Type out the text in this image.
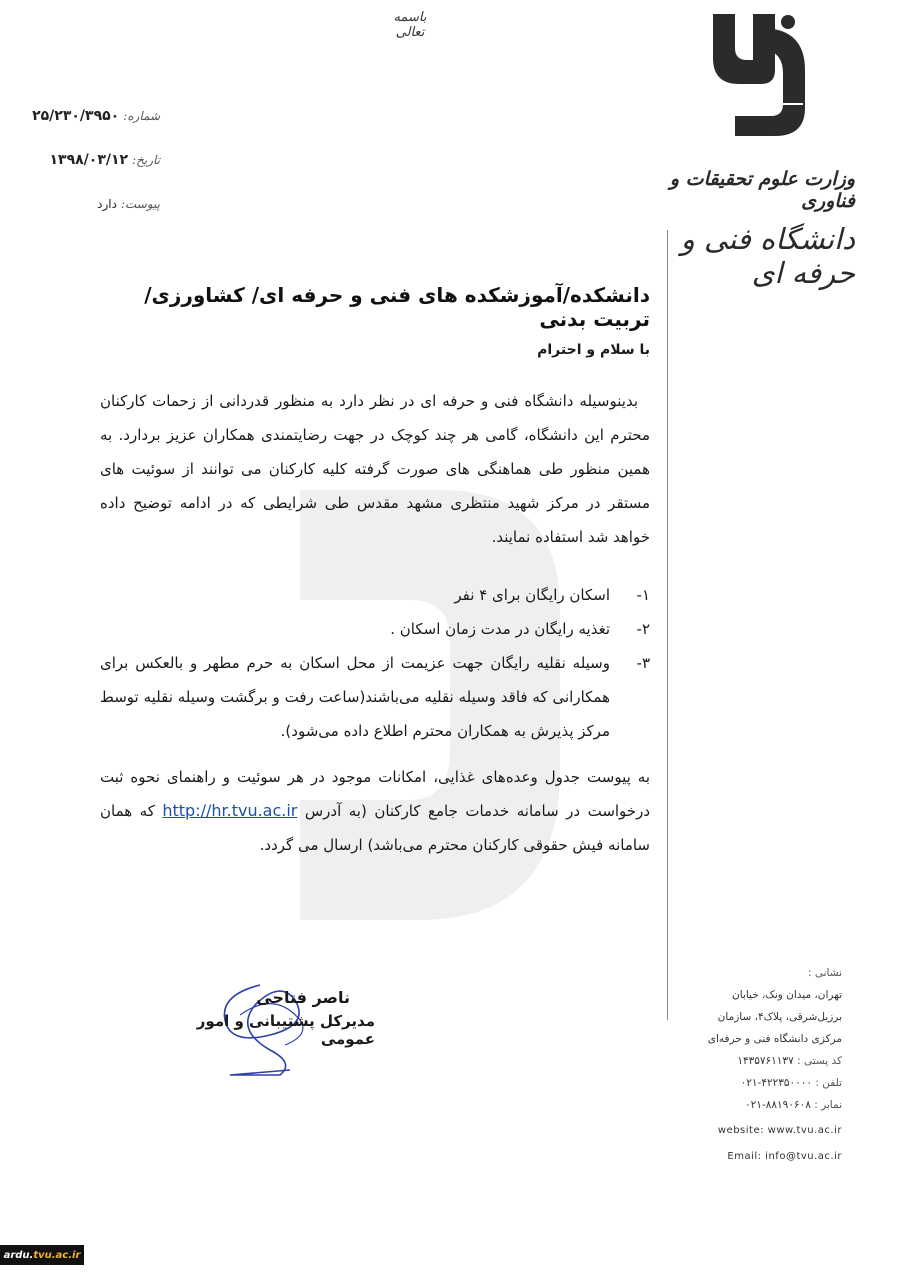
باسمه تعالی
شماره:۲۵/۲۳۰/۳۹۵۰
تاریخ:۱۳۹۸/۰۳/۱۲
پیوست:دارد
وزارت علوم تحقیقات و فناوری
دانشگاه فنی و حرفه ای
دانشکده/آموزشکده های فنی و حرفه ای/ کشاورزی/تربیت بدنی
با سلام و احترام
بدینوسیله دانشگاه فنی و حرفه ای در نظر دارد به منظور قدردانی از زحمات کارکنان محترم این دانشگاه، گامی هر چند کوچک در جهت رضایتمندی همکاران عزیز بردارد. به همین منظور طی هماهنگی های صورت گرفته کلیه کارکنان می توانند از سوئیت های مستقر در مرکز شهید منتظری مشهد مقدس طی شرایطی که در ادامه توضیح داده خواهد شد استفاده نمایند.
۱-
اسکان رایگان برای ۴ نفر
۲-
تغذیه رایگان در مدت زمان اسکان .
۳-
وسیله نقلیه رایگان جهت عزیمت از محل اسکان به حرم مطهر و بالعکس برای همکارانی که فاقد وسیله نقلیه می‌باشند(ساعت رفت و برگشت وسیله نقلیه توسط مرکز پذیرش به همکاران محترم اطلاع داده می‌شود).
به پیوست جدول وعده‌های غذایی، امکانات موجود در هر سوئیت و راهنمای نحوه ثبت درخواست در سامانه خدمات جامع کارکنان (به آدرس http://hr.tvu.ac.ir که همان سامانه فیش حقوقی کارکنان محترم می‌باشد) ارسال می گردد.
ناصر فتاحی
مدیرکل پشتیبانی و امور عمومی
نشانی :
تهران، میدان ونک، خیابان
برزیل‌شرقی، پلاک۴، سازمان
مرکزی دانشگاه فنی و حرفه‌ای
کد پستی : ۱۴۳۵۷۶۱۱۳۷
تلفن : ۰۲۱-۴۲۲۳۵۰۰۰۰
نمابر : ۰۲۱-۸۸۱۹۰۶۰۸
website: www.tvu.ac.ir
Email: info@tvu.ac.ir
ardu. tvu.ac.ir
